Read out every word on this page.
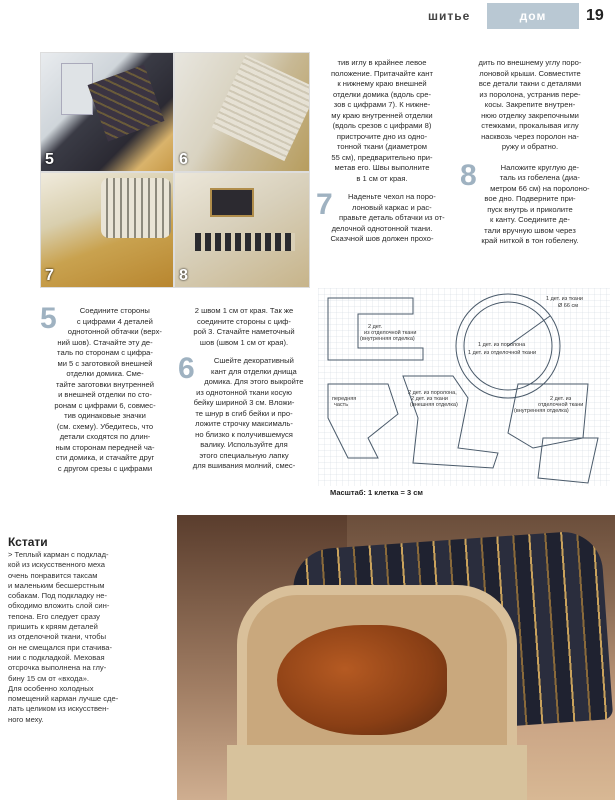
шитье	дом	19
5	6
7	8
тив иглу в крайнее левое
положение. Притачайте кант
к нижнему краю внешней
отделки домика (вдоль сре-
зов с цифрами 7). К нижне-
му краю внутренней отделки
(вдоль срезов с цифрами 8)
пристрочите дно из одно-
тонной ткани (диаметром
55 см), предварительно при-
метав его. Швы выполните
в 1 см от края.
7	Наденьте чехол на поро-
лоновый каркас и рас-
правьте деталь обтачки из от-
делочной однотонной ткани.
Сказчной шов должен прохо-
дить по внешнему углу поро-
лоновой крыши. Совместите
все детали такни с деталями
из поролона, устранив пере-
косы. Закрепите внутрен-
нюю отделку закрепочными
стежками, прокалывая иглу
насквозь через поролон на-
ружу и обратно.
8	Наложите круглую де-
таль из гобелена (диа-
метром 66 см) на поролоно-
вое дно. Подверните при-
пуск внутрь и приколите
к канту. Соедините де-
тали вручную швом через
край ниткой в тон гобелену.
5	Соедините стороны
с цифрами 4 деталей
однотонной обтачки (верх-
ний шов). Стачайте эту де-
таль по сторонам с цифра-
ми 5 с заготовкой внешней
отделки домика. Сме-
тайте заготовки внутренней
и внешней отделки по сто-
ронам с цифрами 6, совмес-
тив одинаковые значки
(см. схему). Убедитесь, что
детали сходятся по длин-
ным сторонам передней ча-
сти домика, и стачайте друг
с другом срезы с цифрами
2 швом 1 см от края. Так же
соедините стороны с циф-
рой 3. Стачайте наметочный
шов (швом 1 см от края).
6	Сшейте декоративный
кант для отделки днища
домика. Для этого выкройте
из однотонной ткани косую
бейку шириной 3 см. Вложи-
те шнур в сгиб бейки и про-
ложите строчку максималь-
но близко к получившемуся
валику. Используйте для
этого специальную лапку
для вшивания молний, смес-
2 дет.
из отделочной ткани
(внутренняя отделка)
1 дет. из ткани
Ø 66 см
1 дет. из поролона
1 дет. из отделочной ткани
2 дет. из поролона,
2 дет. из ткани
(внешняя отделка)
2 дет. из
отделочной ткани
(внутренняя отделка)
передняя
часть
Масштаб: 1 клетка = 3 см
Кстати
> Теплый карман с подклад-
кой из искусственного меха
очень понравится таксам
и маленьким бесшерстным
собакам. Под подкладку не-
обходимо вложить слой син-
тепона. Его следует сразу
пришить к кряям деталей
из отделочной ткани, чтобы
он не смещался при стачива-
нии с подкладкой. Меховая
отсрочка выполнена на глу-
бину 15 см от «входа».
Для особенно холодных
помещений карман лучше сде-
лать целиком из искусствен-
ного меху.
